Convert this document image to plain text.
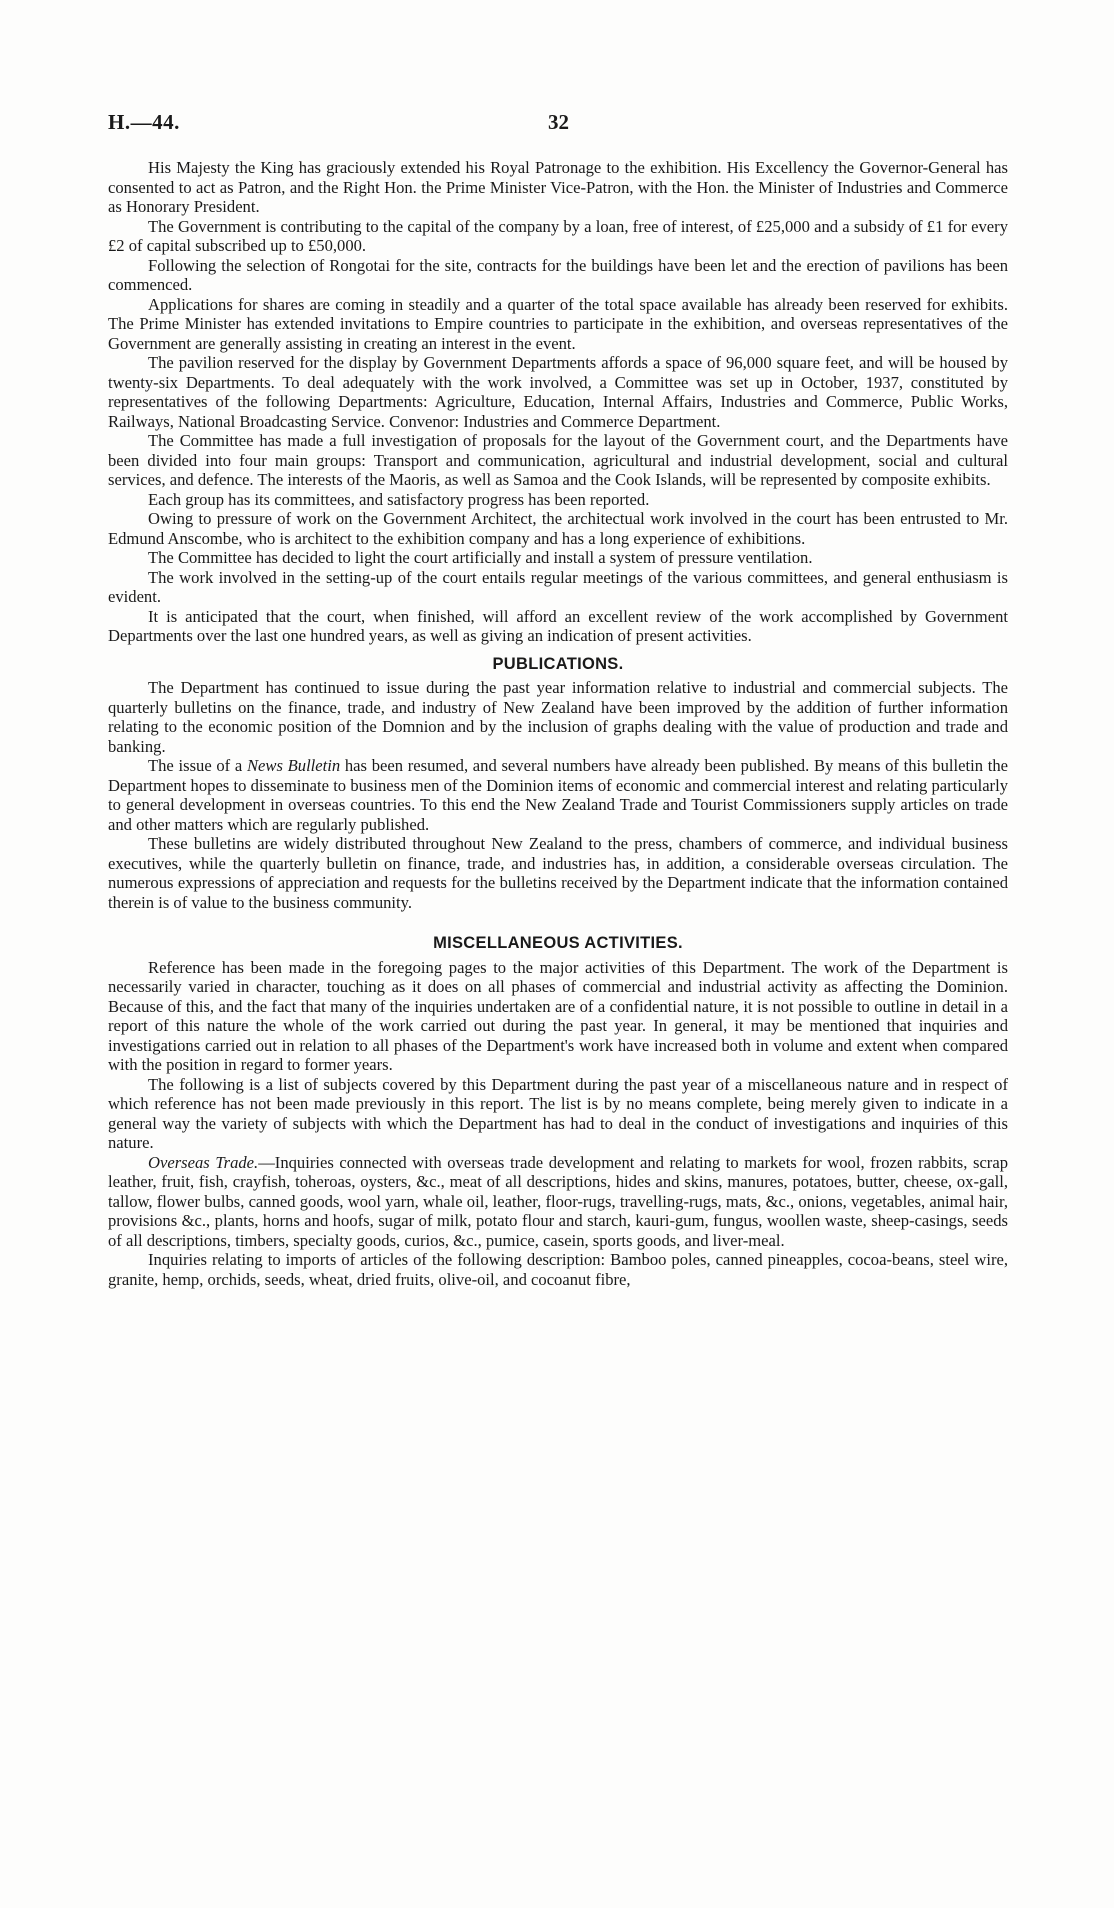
H.—44.	32

His Majesty the King has graciously extended his Royal Patronage to the exhibition. His Excellency the Governor-General has consented to act as Patron, and the Right Hon. the Prime Minister Vice-Patron, with the Hon. the Minister of Industries and Commerce as Honorary President.

The Government is contributing to the capital of the company by a loan, free of interest, of £25,000 and a subsidy of £1 for every £2 of capital subscribed up to £50,000.

Following the selection of Rongotai for the site, contracts for the buildings have been let and the erection of pavilions has been commenced.

Applications for shares are coming in steadily and a quarter of the total space available has already been reserved for exhibits. The Prime Minister has extended invitations to Empire countries to participate in the exhibition, and overseas representatives of the Government are generally assisting in creating an interest in the event.

The pavilion reserved for the display by Government Departments affords a space of 96,000 square feet, and will be housed by twenty-six Departments. To deal adequately with the work involved, a Committee was set up in October, 1937, constituted by representatives of the following Departments: Agriculture, Education, Internal Affairs, Industries and Commerce, Public Works, Railways, National Broadcasting Service. Convenor: Industries and Commerce Department.

The Committee has made a full investigation of proposals for the layout of the Government court, and the Departments have been divided into four main groups: Transport and communication, agricultural and industrial development, social and cultural services, and defence. The interests of the Maoris, as well as Samoa and the Cook Islands, will be represented by composite exhibits.

Each group has its committees, and satisfactory progress has been reported.

Owing to pressure of work on the Government Architect, the architectual work involved in the court has been entrusted to Mr. Edmund Anscombe, who is architect to the exhibition company and has a long experience of exhibitions.

The Committee has decided to light the court artificially and install a system of pressure ventilation.

The work involved in the setting-up of the court entails regular meetings of the various committees, and general enthusiasm is evident.

It is anticipated that the court, when finished, will afford an excellent review of the work accomplished by Government Departments over the last one hundred years, as well as giving an indication of present activities.

PUBLICATIONS.

The Department has continued to issue during the past year information relative to industrial and commercial subjects. The quarterly bulletins on the finance, trade, and industry of New Zealand have been improved by the addition of further information relating to the economic position of the Domnion and by the inclusion of graphs dealing with the value of production and trade and banking.

The issue of a News Bulletin has been resumed, and several numbers have already been published. By means of this bulletin the Department hopes to disseminate to business men of the Dominion items of economic and commercial interest and relating particularly to general development in overseas countries. To this end the New Zealand Trade and Tourist Commissioners supply articles on trade and other matters which are regularly published.

These bulletins are widely distributed throughout New Zealand to the press, chambers of commerce, and individual business executives, while the quarterly bulletin on finance, trade, and industries has, in addition, a considerable overseas circulation. The numerous expressions of appreciation and requests for the bulletins received by the Department indicate that the information contained therein is of value to the business community.

MISCELLANEOUS ACTIVITIES.

Reference has been made in the foregoing pages to the major activities of this Department. The work of the Department is necessarily varied in character, touching as it does on all phases of commercial and industrial activity as affecting the Dominion. Because of this, and the fact that many of the inquiries undertaken are of a confidential nature, it is not possible to outline in detail in a report of this nature the whole of the work carried out during the past year. In general, it may be mentioned that inquiries and investigations carried out in relation to all phases of the Department's work have increased both in volume and extent when compared with the position in regard to former years.

The following is a list of subjects covered by this Department during the past year of a miscellaneous nature and in respect of which reference has not been made previously in this report. The list is by no means complete, being merely given to indicate in a general way the variety of subjects with which the Department has had to deal in the conduct of investigations and inquiries of this nature.

Overseas Trade.—Inquiries connected with overseas trade development and relating to markets for wool, frozen rabbits, scrap leather, fruit, fish, crayfish, toheroas, oysters, &c., meat of all descriptions, hides and skins, manures, potatoes, butter, cheese, ox-gall, tallow, flower bulbs, canned goods, wool yarn, whale oil, leather, floor-rugs, travelling-rugs, mats, &c., onions, vegetables, animal hair, provisions &c., plants, horns and hoofs, sugar of milk, potato flour and starch, kauri-gum, fungus, woollen waste, sheep-casings, seeds of all descriptions, timbers, specialty goods, curios, &c., pumice, casein, sports goods, and liver-meal.

Inquiries relating to imports of articles of the following description: Bamboo poles, canned pineapples, cocoa-beans, steel wire, granite, hemp, orchids, seeds, wheat, dried fruits, olive-oil, and cocoanut fibre,
